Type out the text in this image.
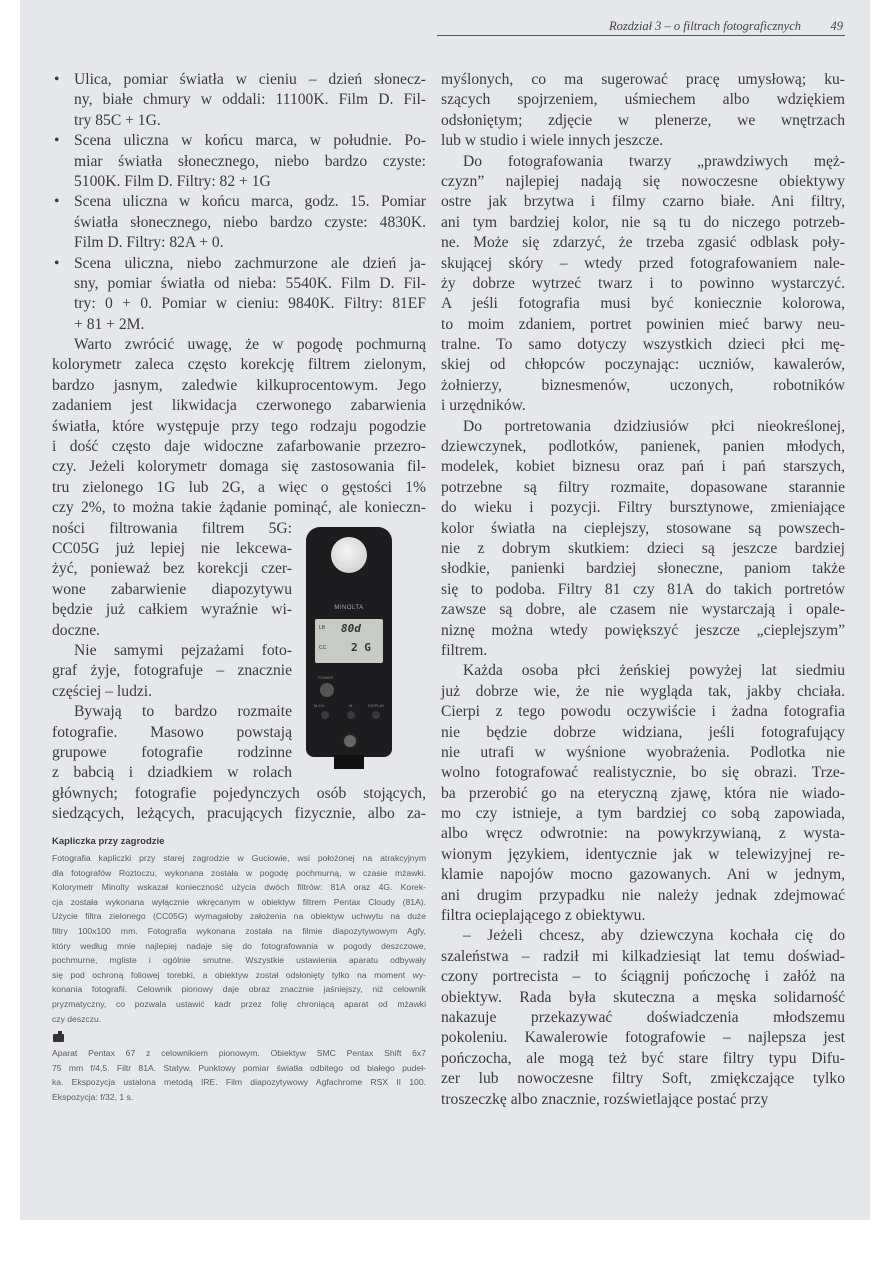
Rozdział 3 – o filtrach fotograficznych 49
• Ulica, pomiar światła w cieniu – dzień słonecz-
ny, białe chmury w oddali: 11100K. Film D. Fil-
try 85C + 1G.
• Scena uliczna w końcu marca, w południe. Po-
miar światła słonecznego, niebo bardzo czyste:
5100K. Film D. Filtry: 82 + 1G
• Scena uliczna w końcu marca, godz. 15. Pomiar
światła słonecznego, niebo bardzo czyste: 4830K.
Film D. Filtry: 82A + 0.
• Scena uliczna, niebo zachmurzone ale dzień ja-
sny, pomiar światła od nieba: 5540K. Film D. Fil-
try: 0 + 0. Pomiar w cieniu: 9840K. Filtry: 81EF
+ 81 + 2M.
Warto zwrócić uwagę, że w pogodę pochmurną
kolorymetr zaleca często korekcję filtrem zielonym,
bardzo jasnym, zaledwie kilkuprocentowym. Jego
zadaniem jest likwidacja czerwonego zabarwienia
światła, które występuje przy tego rodzaju pogodzie
i dość często daje widoczne zafarbowanie przezro-
czy. Jeżeli kolorymetr domaga się zastosowania fil-
tru zielonego 1G lub 2G, a więc o gęstości 1%
czy 2%, to można takie żądanie pominąć, ale konieczn-
ności filtrowania filtrem 5G:
CC05G już lepiej nie lekcewa-
żyć, ponieważ bez korekcji czer-
wone zabarwienie diapozytywu
będzie już całkiem wyraźnie wi-
doczne.
Nie samymi pejzażami foto-
graf żyje, fotografuje – znacznie
częściej – ludzi.
Bywają to bardzo rozmaite
fotografie. Masowo powstają
grupowe fotografie rodzinne
z babcią i dziadkiem w rolach
głównych; fotografie pojedynczych osób stojących,
siedzących, leżących, pracujących fizycznie, albo za-
MINOLTA
LB 80d
CC 2 G
POWER
M-CH	M	DISPLAY
Kapliczka przy zagrodzie
Fotografia kapliczki przy starej zagrodzie w Guciowie, wsi położonej na atrakcyjnym
dla fotografów Roztoczu, wykonana została w pogodę pochmurną, w czasie mżawki.
Kolorymetr Minolty wskazał konieczność użycia dwóch filtrów: 81A oraz 4G. Korek-
cja została wykonana wyłącznie wkręcanym w obiektyw filtrem Pentax Cloudy (81A).
Użycie filtra zielonego (CC05G) wymagałoby założenia na obiektyw uchwytu na duże
filtry 100x100 mm. Fotografia wykonana została na filmie diapozytywowym Agfy,
który według mnie najlepiej nadaje się do fotografowania w pogody deszczowe,
pochmurne, mgliste i ogólnie smutne. Wszystkie ustawienia aparatu odbywały
się pod ochroną foliowej torebki, a obiektyw został odsłonięty tylko na moment wy-
konania fotografii. Celownik pionowy daje obraz znacznie jaśniejszy, niż celownik
pryzmatyczny, co pozwala ustawić kadr przez folię chroniącą aparat od mżawki
czy deszczu.
Aparat Pentax 67 z celownikiem pionowym. Obiektyw SMC Pentax Shift 6x7
75 mm f/4,5. Filtr 81A. Statyw. Punktowy pomiar światła odbitego od białego pudeł-
ka. Ekspozycja ustalona metodą IRE. Film diapozytywowy Agfachrome RSX II 100.
Ekspozycja: f/32, 1 s.
myślonych, co ma sugerować pracę umysłową; ku-
szących spojrzeniem, uśmiechem albo wdziękiem
odsłoniętym; zdjęcie w plenerze, we wnętrzach
lub w studio i wiele innych jeszcze.
Do fotografowania twarzy „prawdziwych męż-
czyzn” najlepiej nadają się nowoczesne obiektywy
ostre jak brzytwa i filmy czarno białe. Ani filtry,
ani tym bardziej kolor, nie są tu do niczego potrzeb-
ne. Może się zdarzyć, że trzeba zgasić odblask poły-
skującej skóry – wtedy przed fotografowaniem nale-
ży dobrze wytrzeć twarz i to powinno wystarczyć.
A jeśli fotografia musi być koniecznie kolorowa,
to moim zdaniem, portret powinien mieć barwy neu-
tralne. To samo dotyczy wszystkich dzieci płci mę-
skiej od chłopców poczynając: uczniów, kawalerów,
żołnierzy, biznesmenów, uczonych, robotników
i urzędników.
Do portretowania dzidziusiów płci nieokreślonej,
dziewczynek, podlotków, panienek, panien młodych,
modelek, kobiet biznesu oraz pań i pań starszych,
potrzebne są filtry rozmaite, dopasowane starannie
do wieku i pozycji. Filtry bursztynowe, zmieniające
kolor światła na cieplejszy, stosowane są powszech-
nie z dobrym skutkiem: dzieci są jeszcze bardziej
słodkie, panienki bardziej słoneczne, paniom także
się to podoba. Filtry 81 czy 81A do takich portretów
zawsze są dobre, ale czasem nie wystarczają i opale-
niznę można wtedy powiększyć jeszcze „cieplejszym”
filtrem.
Każda osoba płci żeńskiej powyżej lat siedmiu
już dobrze wie, że nie wygląda tak, jakby chciała.
Cierpi z tego powodu oczywiście i żadna fotografia
nie będzie dobrze widziana, jeśli fotografujący
nie utrafi w wyśnione wyobrażenia. Podlotka nie
wolno fotografować realistycznie, bo się obrazi. Trze-
ba przerobić go na eteryczną zjawę, która nie wiado-
mo czy istnieje, a tym bardziej co sobą zapowiada,
albo wręcz odwrotnie: na powykrzywianą, z wysta-
wionym językiem, identycznie jak w telewizyjnej re-
klamie napojów mocno gazowanych. Ani w jednym,
ani drugim przypadku nie należy jednak zdejmować
filtra ocieplającego z obiektywu.
– Jeżeli chcesz, aby dziewczyna kochała cię do
szaleństwa – radził mi kilkadziesiąt lat temu doświad-
czony portrecista – to ściągnij pończochę i załóż na
obiektyw. Rada była skuteczna a męska solidarność
nakazuje przekazywać doświadczenia młodszemu
pokoleniu. Kawalerowie fotografowie – najlepsza jest
pończocha, ale mogą też być stare filtry typu Difu-
zer lub nowoczesne filtry Soft, zmiękczające tylko
troszeczkę albo znacznie, rozświetlające postać przy
